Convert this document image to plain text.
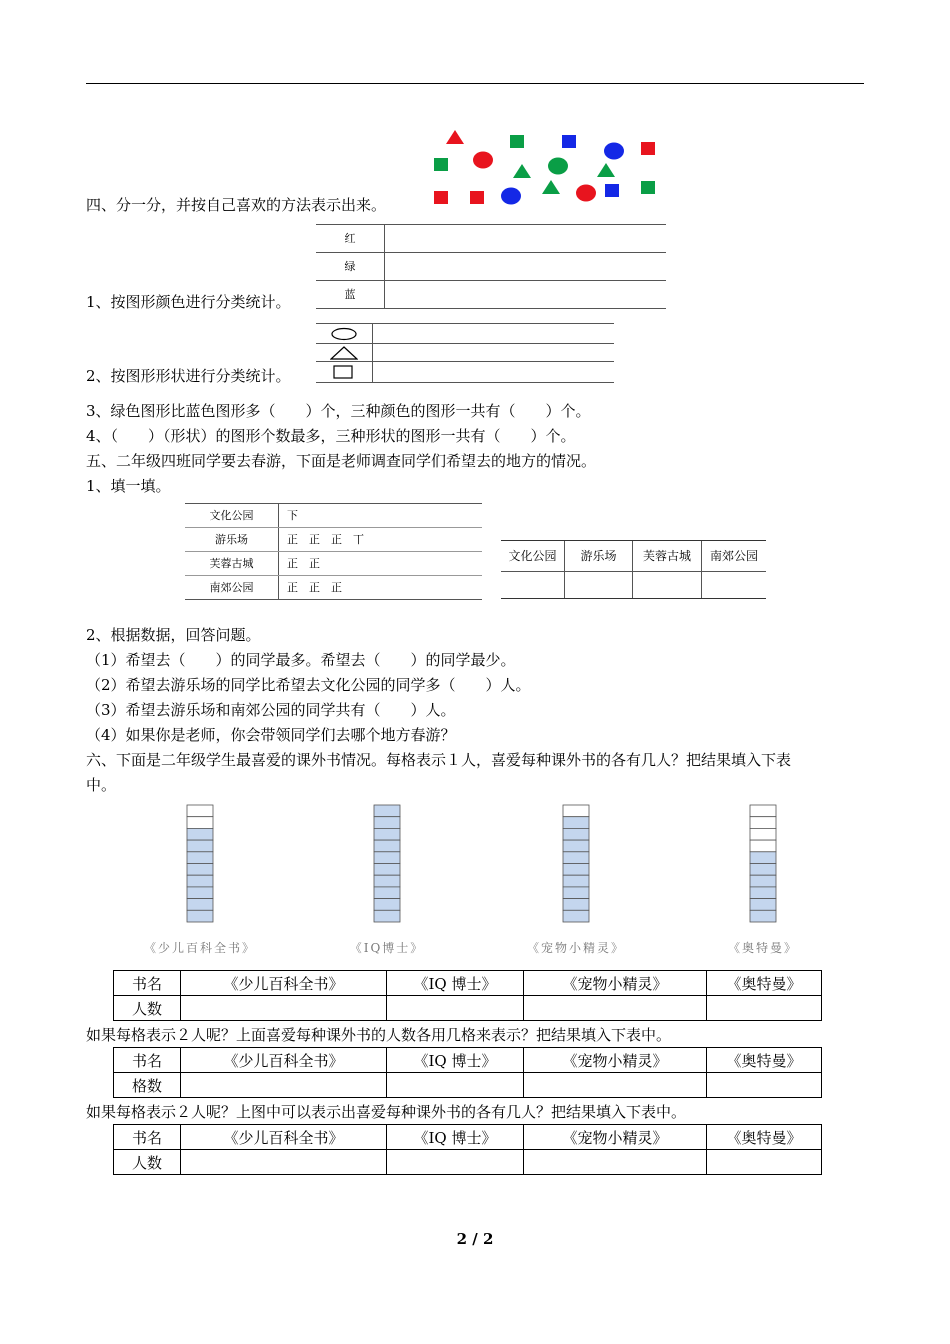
四、分一分，并按自己喜欢的方法表示出来。
红
绿
蓝
1、按图形颜色进行分类统计。
2、按图形形状进行分类统计。
3、绿色图形比蓝色图形多（　　）个，三种颜色的图形一共有（　　）个。
4、（　　）（形状）的图形个数最多，三种形状的图形一共有（　　）个。
五、二年级四班同学要去春游，下面是老师调查同学们希望去的地方的情况。
1、填一填。
文化公园	下
游乐场	正　正　正　丅
芙蓉古城	正　正
南郊公园	正　正　正
文化公园	游乐场	芙蓉古城	南郊公园
2、根据数据，回答问题。
（1）希望去（　　）的同学最多。希望去（　　）的同学最少。
（2）希望去游乐场的同学比希望去文化公园的同学多（　　）人。
（3）希望去游乐场和南郊公园的同学共有（　　）人。
（4）如果你是老师，你会带领同学们去哪个地方春游？
六、下面是二年级学生最喜爱的课外书情况。每格表示１人，喜爱每种课外书的各有几人？把结果填入下表
中。
《少儿百科全书》	《IQ博士》	《宠物小精灵》	《奥特曼》
书名	《少儿百科全书》	《IQ 博士》	《宠物小精灵》	《奥特曼》
人数				
如果每格表示２人呢？上面喜爱每种课外书的人数各用几格来表示？把结果填入下表中。
书名	《少儿百科全书》	《IQ 博士》	《宠物小精灵》	《奥特曼》
格数				
如果每格表示２人呢？上图中可以表示出喜爱每种课外书的各有几人？把结果填入下表中。
书名	《少儿百科全书》	《IQ 博士》	《宠物小精灵》	《奥特曼》
人数				
2 / 2
